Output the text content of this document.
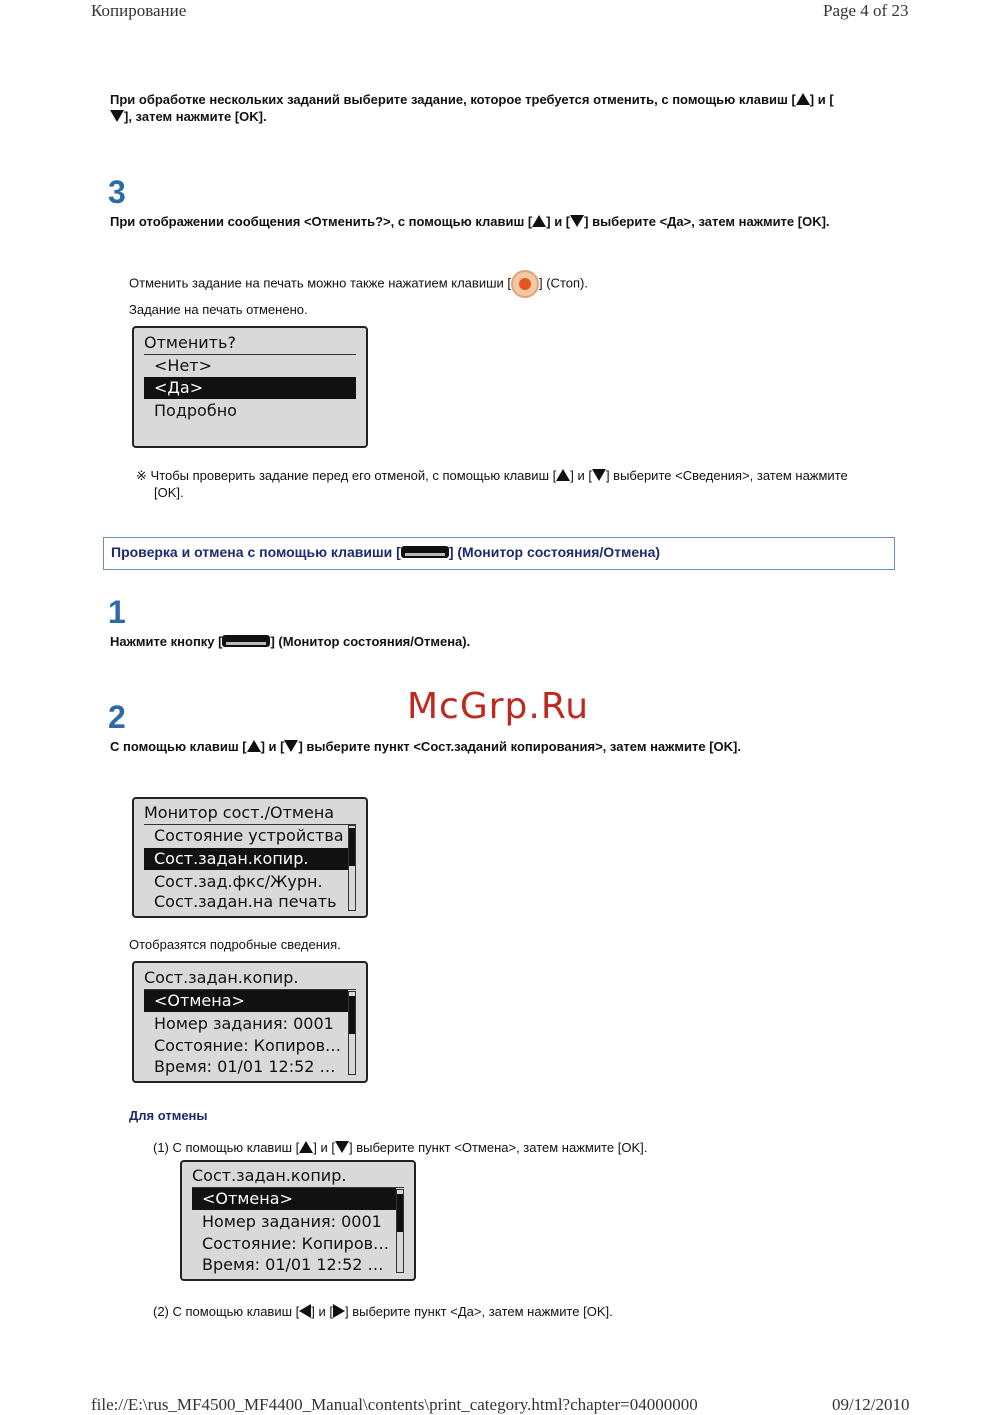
Копирование	Page 4 of 23
При обработке нескольких заданий выберите задание, которое требуется отменить, с помощью клавиш [ ] и [
], затем нажмите [OK].
3
При отображении сообщения <Отменить?>, с помощью клавиш [ ] и [ ] выберите <Да>, затем нажмите [OK].
Отменить задание на печать можно также нажатием клавиши [ ] (Стоп).
Задание на печать отменено.
Отменить?
<Нет>
<Да>
Подробно
※ Чтобы проверить задание перед его отменой, с помощью клавиш [ ] и [ ] выберите <Сведения>, затем нажмите
[OK].
Проверка и отмена с помощью клавиши [	] (Монитор состояния/Отмена)
1
Нажмите кнопку [	] (Монитор состояния/Отмена).
McGrp.Ru
2
С помощью клавиш [ ] и [ ] выберите пункт <Сост.заданий копирования>, затем нажмите [OK].
Монитор сост./Отмена
Состояние устройства
Сост.задан.копир.
Сост.зад.фкс/Журн.
Сост.задан.на печать
Отобразятся подробные сведения.
Сост.задан.копир.
<Отмена>
Номер задания: 0001
Состояние: Копиров…
Время: 01/01 12:52 …
Для отмены
(1) С помощью клавиш [ ] и [ ] выберите пункт <Отмена>, затем нажмите [OK].
Сост.задан.копир.
<Отмена>
Номер задания: 0001
Состояние: Копиров…
Время: 01/01 12:52 …
(2) С помощью клавиш [ ] и [ ] выберите пункт <Да>, затем нажмите [OK].
file://E:\rus_MF4500_MF4400_Manual\contents\print_category.html?chapter=04000000	09/12/2010
